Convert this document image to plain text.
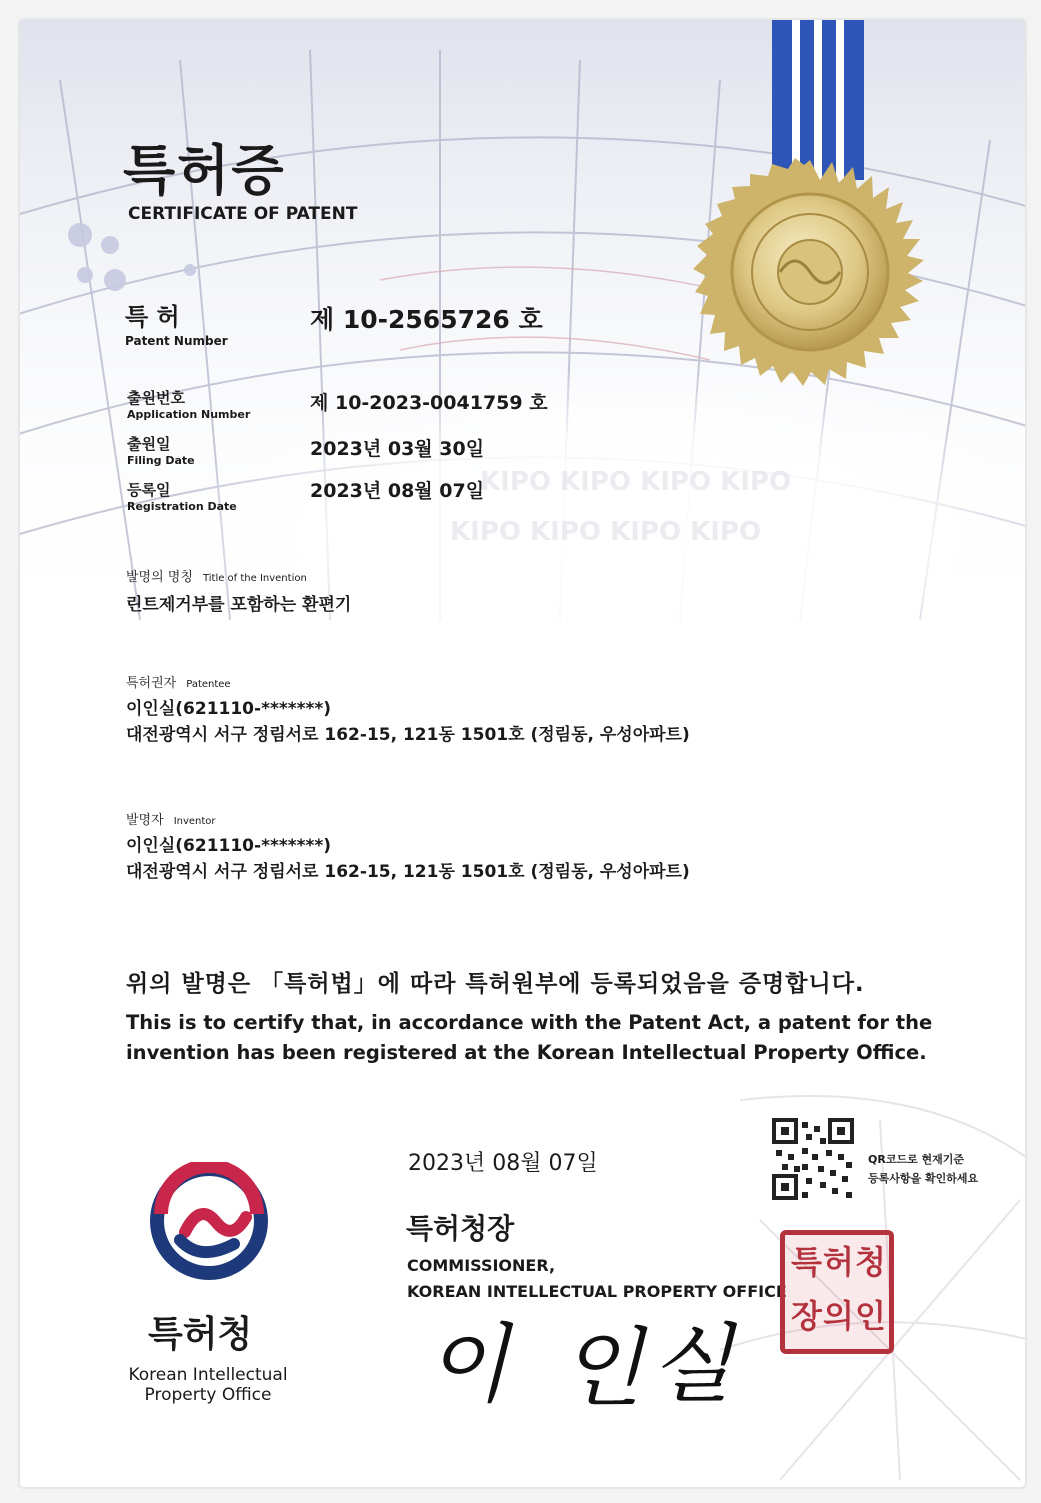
KIPO KIPO KIPO KIPO
KIPO KIPO KIPO KIPO
특허증
CERTIFICATE OF PATENT
특 허
Patent Number
제 10-2565726 호
출원번호
Application Number
제 10-2023-0041759 호
출원일
Filing Date
2023년 03월 30일
등록일
Registration Date
2023년 08월 07일
발명의 명칭 Title of the Invention
린트제거부를 포함하는 환편기
특허권자 Patentee
이인실(621110-*******)
대전광역시 서구 정림서로 162-15, 121동 1501호 (정림동, 우성아파트)
발명자 Inventor
이인실(621110-*******)
대전광역시 서구 정림서로 162-15, 121동 1501호 (정림동, 우성아파트)
위의 발명은 「특허법」에 따라 특허원부에 등록되었음을 증명합니다.
This is to certify that, in accordance with the Patent Act, a patent for the
invention has been registered at the Korean Intellectual Property Office.
2023년 08월 07일	QR코드로 현재기준
등록사항을 확인하세요
특허청
Korean Intellectual
Property Office
특허청장
COMMISSIONER,
KOREAN INTELLECTUAL PROPERTY OFFICE
특 허 청
장 의 인
이 인 실
